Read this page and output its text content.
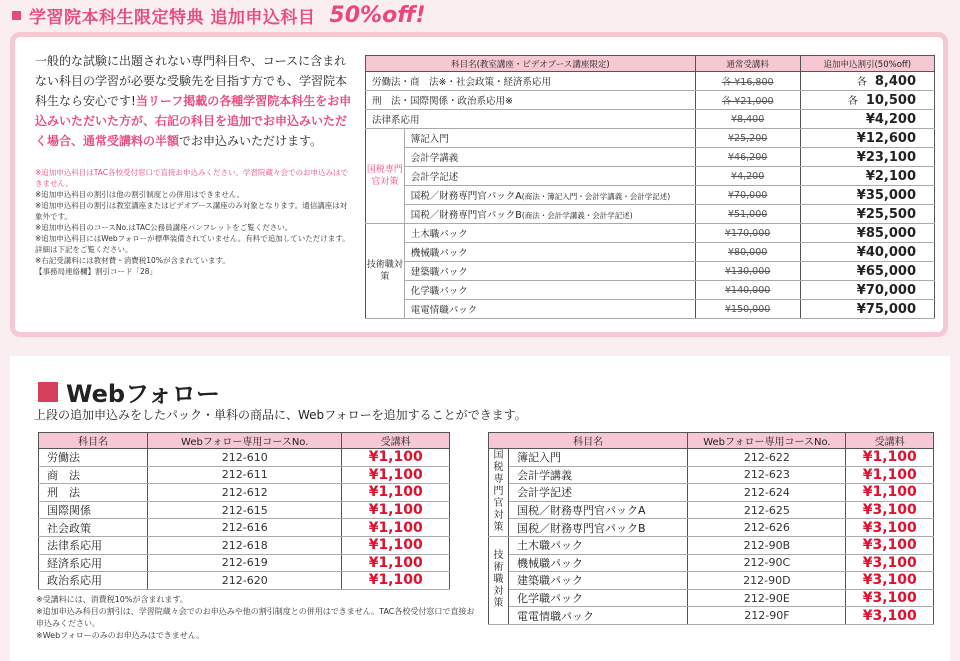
学習院本科生限定特典 追加申込科目 50%off!
一般的な試験に出題されない専門科目や、コースに含まれない科目の学習が必要な受験先を目指す方でも、学習院本科生なら安心です!当リーフ掲載の各種学習院本科生をお申込みいただいた方が、右記の科目を追加でお申込みいただく場合、通常受講料の半額でお申込みいただけます。
※追加申込科目はTAC各校受付窓口で直接お申込みください。学習院蔵々会でのお申込みはできません。
※追加申込科目の割引は他の割引制度との併用はできません。
※追加申込科目の割引は教室講座またはビデオブース講座のみ対象となります。通信講座は対象外です。
※追加申込科目のコースNo.はTAC公務員講座パンフレットをご覧ください。
※追加申込科目にはWebフォローが標準装備されていません。有料で追加していただけます。詳細は下記をご覧ください。
※右記受講料には教材費・消費税10%が含まれています。
【事務局連絡欄】割引コード「28」
科目名(教室講座・ビデオブース講座限定)		通常受講料	追加申込割引(50%off)
労働法・商　法※・社会政策・経済系応用		各 ¥16,800	各 8,400
刑　法・国際関係・政治系応用※		各 ¥21,000	各 10,500
法律系応用		¥8,400	¥4,200
国税専門官対策	簿記入門	¥25,200	¥12,600
	会計学講義	¥46,200	¥23,100
	会計学記述	¥4,200	¥2,100
	国税／財務専門官パックA(商法・簿記入門・会計学講義・会計学記述)	¥70,000	¥35,000
	国税／財務専門官パックB(商法・会計学講義・会計学記述)	¥51,000	¥25,500
技術職対策	土木職パック	¥170,000	¥85,000
	機械職パック	¥80,000	¥40,000
	建築職パック	¥130,000	¥65,000
	化学職パック	¥140,000	¥70,000
	電電情職パック	¥150,000	¥75,000
Webフォロー
上段の追加申込みをしたパック・単科の商品に、Webフォローを追加することができます。
科目名	Webフォロー専用コースNo.	受講料
労働法	212-610	¥1,100
商　法	212-611	¥1,100
刑　法	212-612	¥1,100
国際関係	212-615	¥1,100
社会政策	212-616	¥1,100
法律系応用	212-618	¥1,100
経済系応用	212-619	¥1,100
政治系応用	212-620	¥1,100
科目名		Webフォロー専用コースNo.	受講料
国税専門官対策	簿記入門	212-622	¥1,100
	会計学講義	212-623	¥1,100
	会計学記述	212-624	¥1,100
	国税／財務専門官パックA	212-625	¥3,100
	国税／財務専門官パックB	212-626	¥3,100
技術職対策	土木職パック	212-90B	¥3,100
	機械職パック	212-90C	¥3,100
	建築職パック	212-90D	¥3,100
	化学職パック	212-90E	¥3,100
	電電情職パック	212-90F	¥3,100
※受講料には、消費税10%が含まれます。
※追加申込み科目の割引は、学習院蔵々会でのお申込みや他の割引制度との併用はできません。TAC各校受付窓口で直接お申込みください。
※Webフォローのみのお申込みはできません。
